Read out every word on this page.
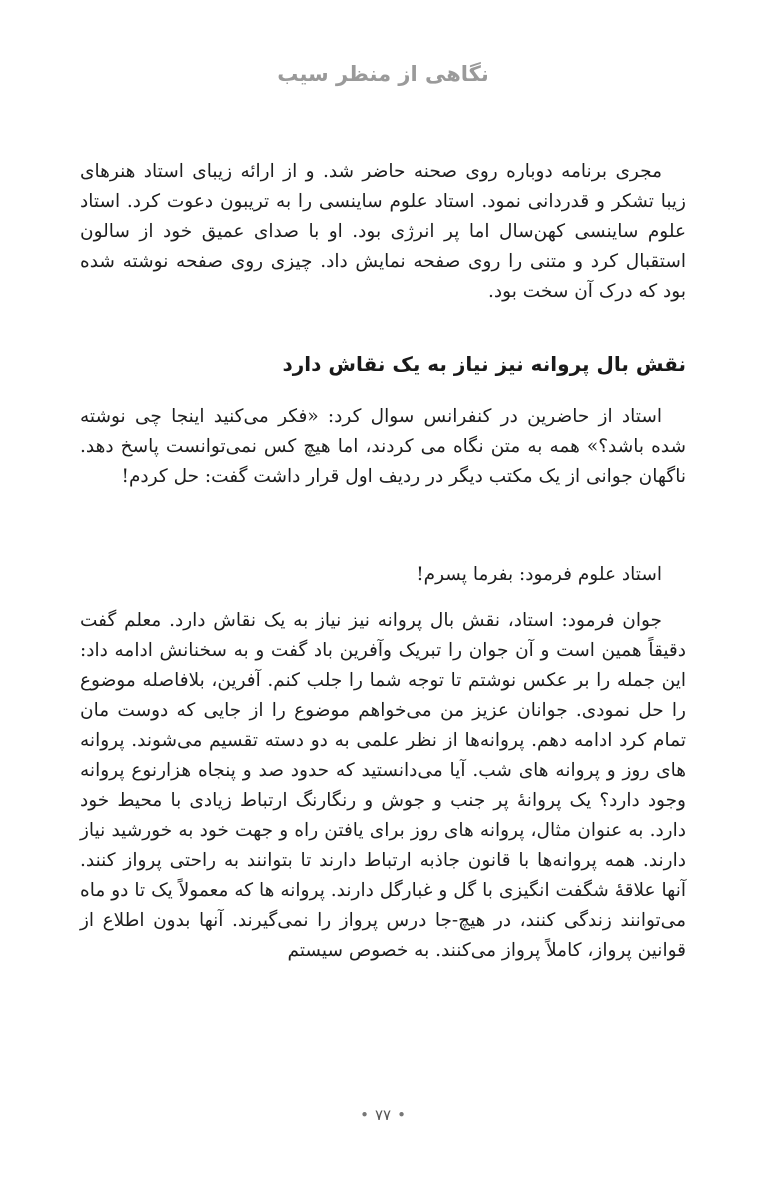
نگاهی از منظر سیب

مجری برنامه دوباره روی صحنه حاضر شد. و از ارائه زیبای استاد هنرهای زیبا تشکر و قدردانی نمود. استاد علوم ساینسی را به تریبون دعوت کرد. استاد علوم ساینسی کهن‌سال اما پر انرژی بود. او با صدای عمیق خود از سالون استقبال کرد و متنی را روی صفحه نمایش داد. چیزی روی صفحه نوشته شده بود که درک آن سخت بود.

نقش بال پروانه نیز نیاز به یک نقاش دارد

استاد از حاضرین در کنفرانس سوال کرد: «فکر می‌کنید اینجا چی نوشته شده باشد؟» همه به متن نگاه می کردند، اما هیچ کس نمی‌توانست پاسخ دهد. ناگهان جوانی از یک مکتب دیگر در ردیف اول قرار داشت گفت: حل کردم!

استاد علوم فرمود: بفرما پسرم!

جوان فرمود: استاد، نقش بال پروانه نیز نیاز به یک نقاش دارد. معلم گفت دقیقاً همین است و آن جوان را تبریک وآفرین باد گفت و به سخنانش ادامه داد: این جمله را بر عکس نوشتم تا توجه شما را جلب کنم. آفرین، بلافاصله موضوع را حل نمودی. جوانان عزیز من می‌خواهم موضوع را از جایی که دوست مان تمام کرد ادامه دهم. پروانه‌ها از نظر علمی به دو دسته تقسیم می‌شوند. پروانه های روز و پروانه های شب. آیا می‌دانستید که حدود صد و پنجاه هزارنوع پروانه وجود دارد؟ یک پروانۀ پر جنب و جوش و رنگارنگ ارتباط زیادی با محیط خود دارد. به عنوان مثال، پروانه های روز برای یافتن راه و جهت خود به خورشید نیاز دارند. همه پروانه‌ها با قانون جاذبه ارتباط دارند تا بتوانند به راحتی پرواز کنند. آنها علاقۀ شگفت انگیزی با گل و غبارگل دارند. پروانه ها که معمولاً یک تا دو ماه می‌توانند زندگی کنند، در هیچ-جا درس پرواز را نمی‌گیرند. آنها بدون اطلاع از قوانین پرواز، کاملاً پرواز می‌کنند. به خصوص سیستم

•۷۷•
